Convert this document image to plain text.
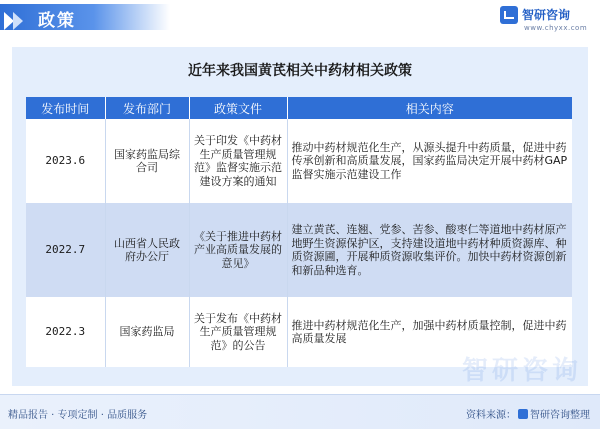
政策	智研咨询
www.chyxx.com
近年来我国黄芪相关中药材相关政策
发布时间	发布部门	政策文件	相关内容
2023.6	国家药监局综合司	关于印发《中药材生产质量管理规范》监督实施示范建设方案的通知	推动中药材规范化生产，从源头提升中药质量，促进中药传承创新和高质量发展，国家药监局决定开展中药材GAP监督实施示范建设工作
2022.7	山西省人民政府办公厅	《关于推进中药材产业高质量发展的意见》	建立黄芪、连翘、党参、苦参、酸枣仁等道地中药材原产地野生资源保护区，支持建设道地中药材种质资源库、种质资源圃，开展种质资源收集评价。加快中药材资源创新和新品种选育。
2022.3	国家药监局	关于发布《中药材生产质量管理规范》的公告	推进中药材规范化生产，加强中药材质量控制，促进中药高质量发展
智研咨询
精品报告 · 专项定制 · 品质服务	资料来源： 智研咨询整理
